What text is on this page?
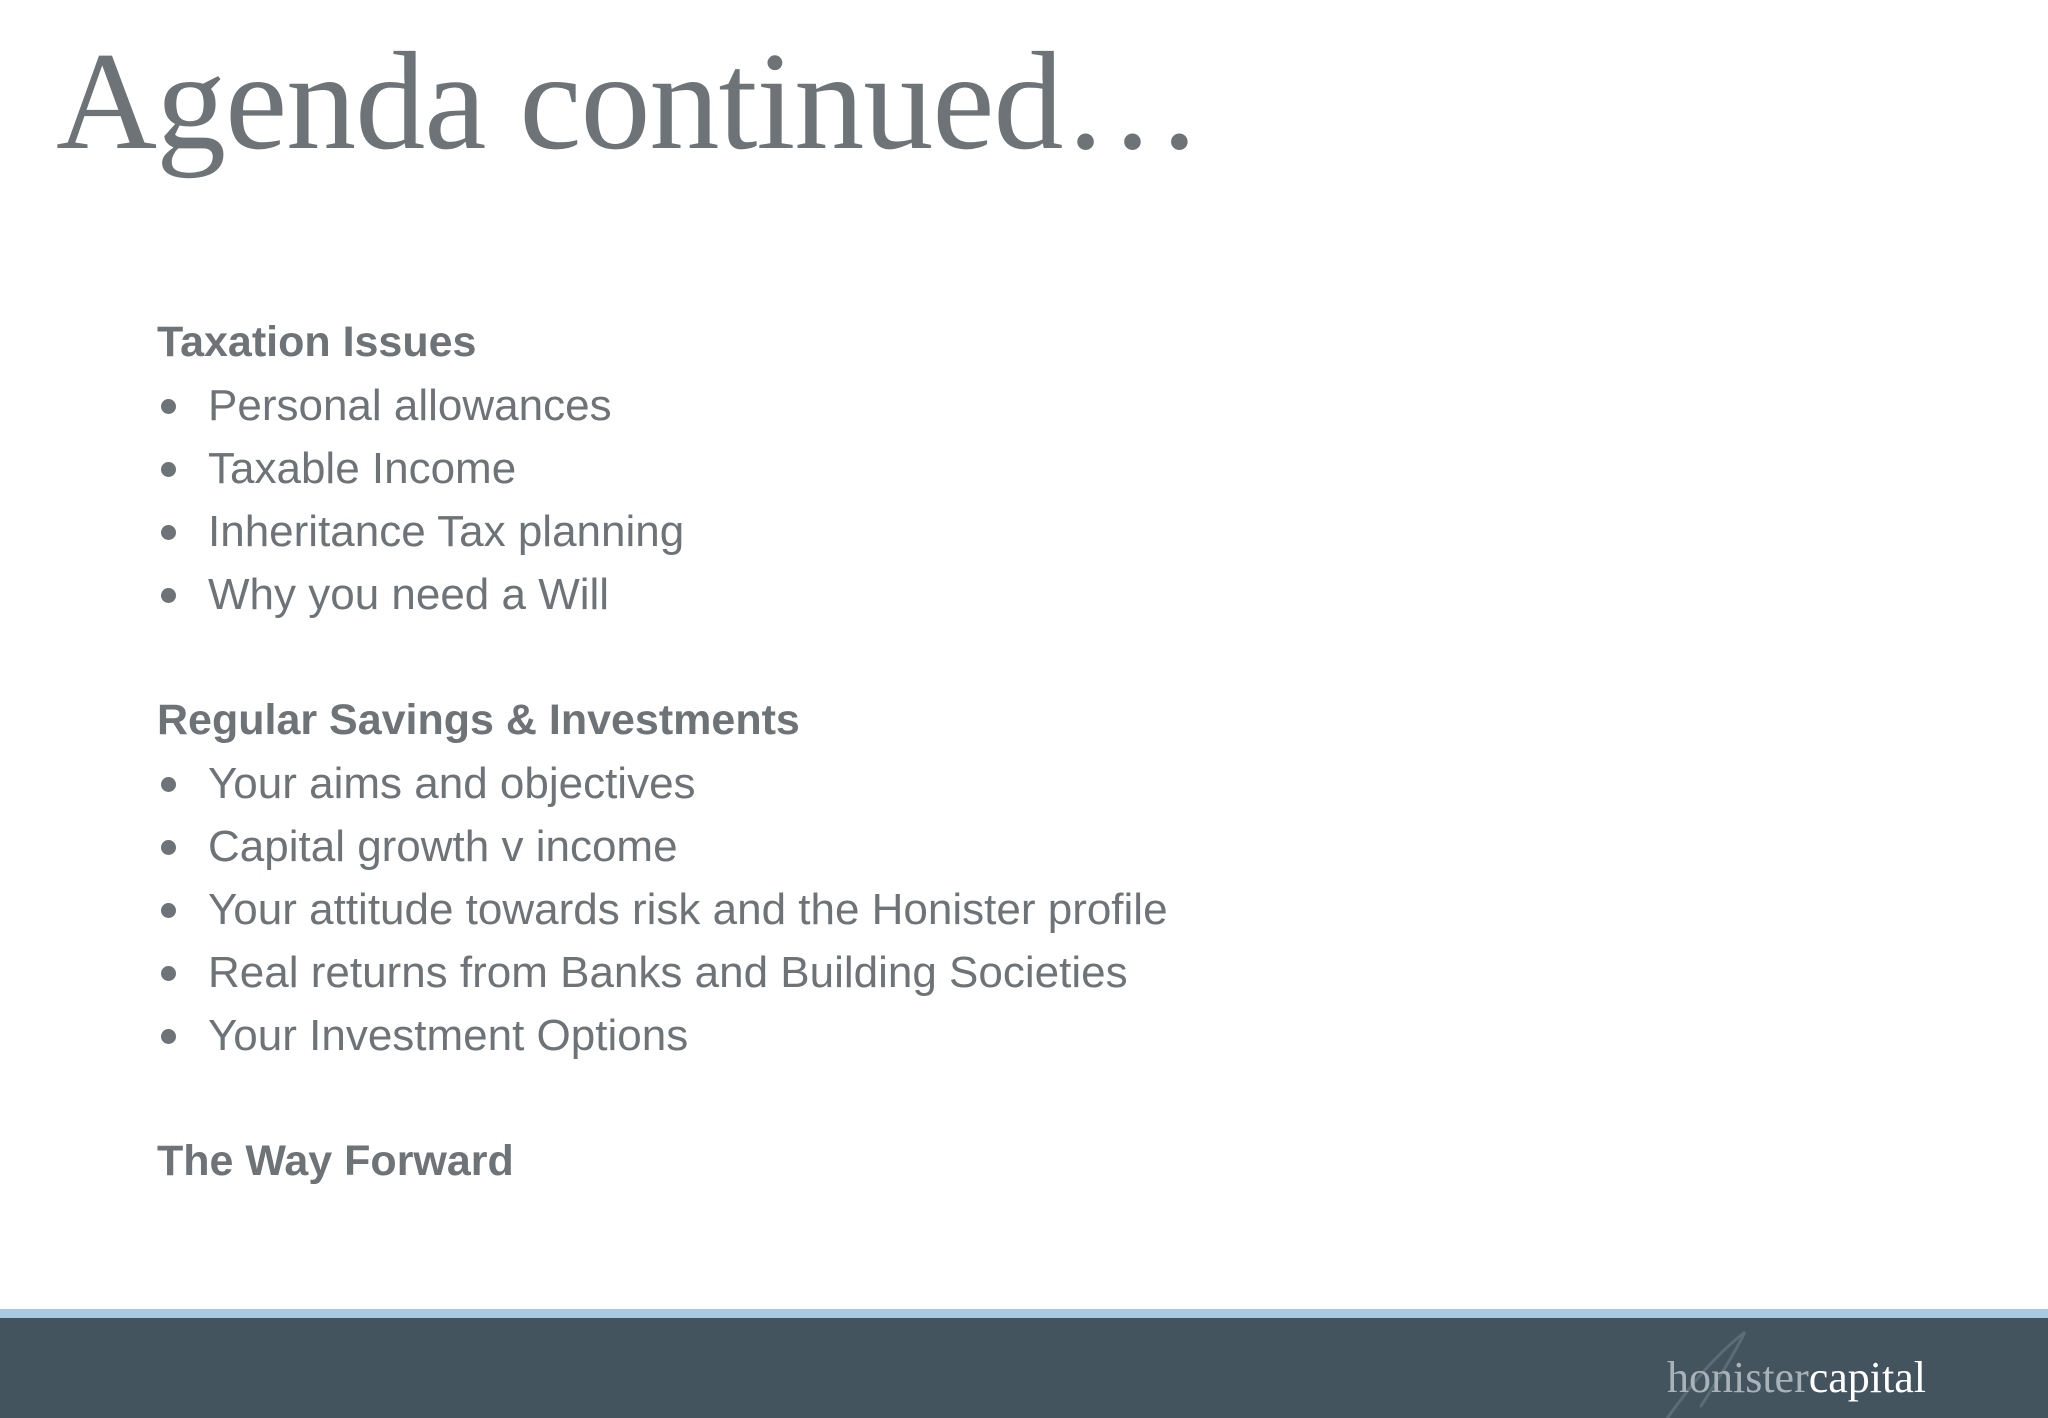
Agenda continued…
Taxation Issues
Personal allowances
Taxable Income
Inheritance Tax planning
Why you need a Will
Regular Savings & Investments
Your aims and objectives
Capital growth v income
Your attitude towards risk and the Honister profile
Real returns from Banks and Building Societies
Your Investment Options
The Way Forward
honistercapital
